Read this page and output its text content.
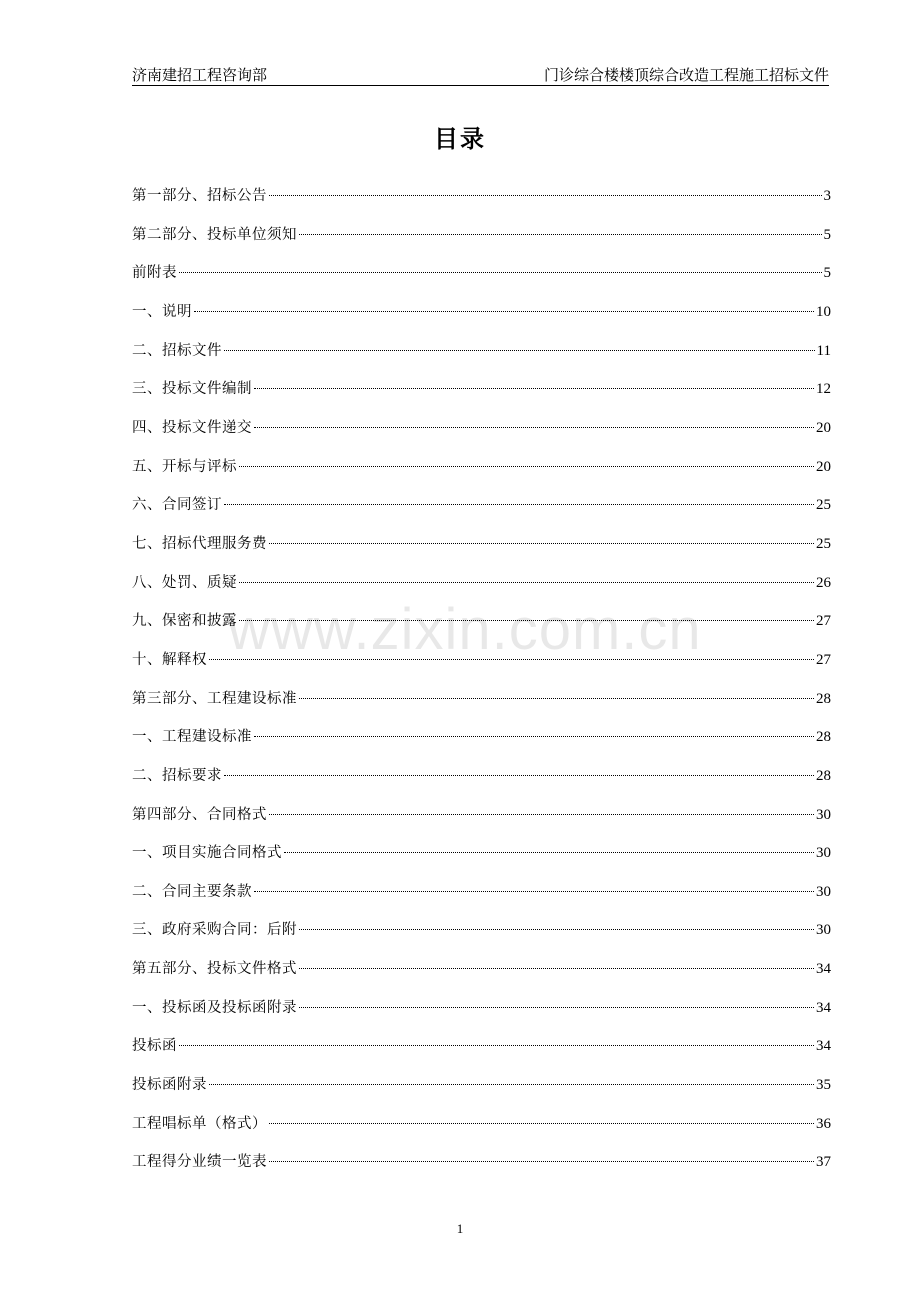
济南建招工程咨询部	门诊综合楼楼顶综合改造工程施工招标文件
目录
第一部分、招标公告	3
第二部分、投标单位须知	5
前附表	5
一、说明	10
二、招标文件	11
三、投标文件编制	12
四、投标文件递交	20
五、开标与评标	20
六、合同签订	25
七、招标代理服务费	25
八、处罚、质疑	26
九、保密和披露	27
十、解释权	27
第三部分、工程建设标准	28
一、工程建设标准	28
二、招标要求	28
第四部分、合同格式	30
一、项目实施合同格式	30
二、合同主要条款	30
三、政府采购合同：后附	30
第五部分、投标文件格式	34
一、投标函及投标函附录	34
投标函	34
投标函附录	35
工程唱标单（格式）	36
工程得分业绩一览表	37
www.zixin.com.cn
1
